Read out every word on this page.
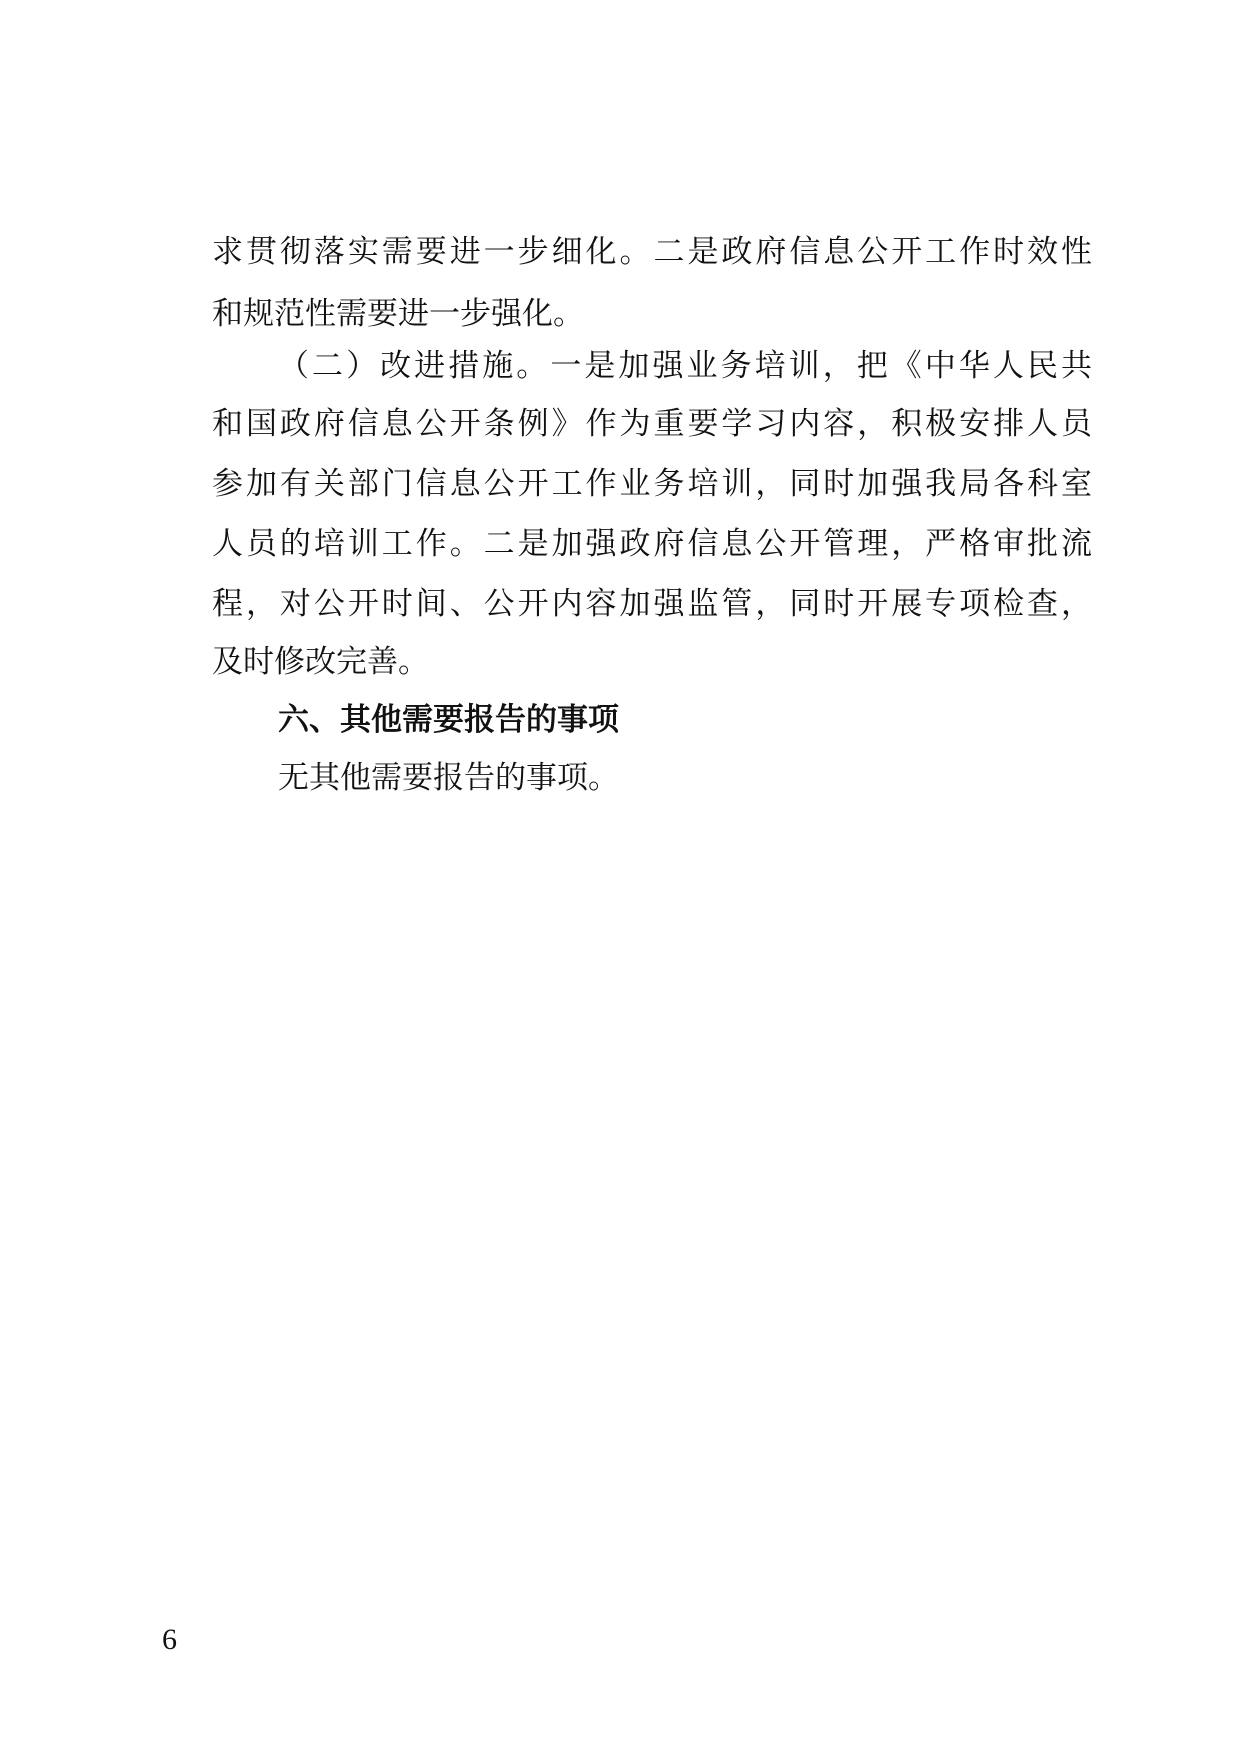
求贯彻落实需要进一步细化。二是政府信息公开工作时效性
和规范性需要进一步强化。
（二）改进措施。一是加强业务培训，把《中华人民共
和国政府信息公开条例》作为重要学习内容，积极安排人员
参加有关部门信息公开工作业务培训，同时加强我局各科室
人员的培训工作。二是加强政府信息公开管理，严格审批流
程，对公开时间、公开内容加强监管，同时开展专项检查，
及时修改完善。
六、其他需要报告的事项
无其他需要报告的事项。
6
